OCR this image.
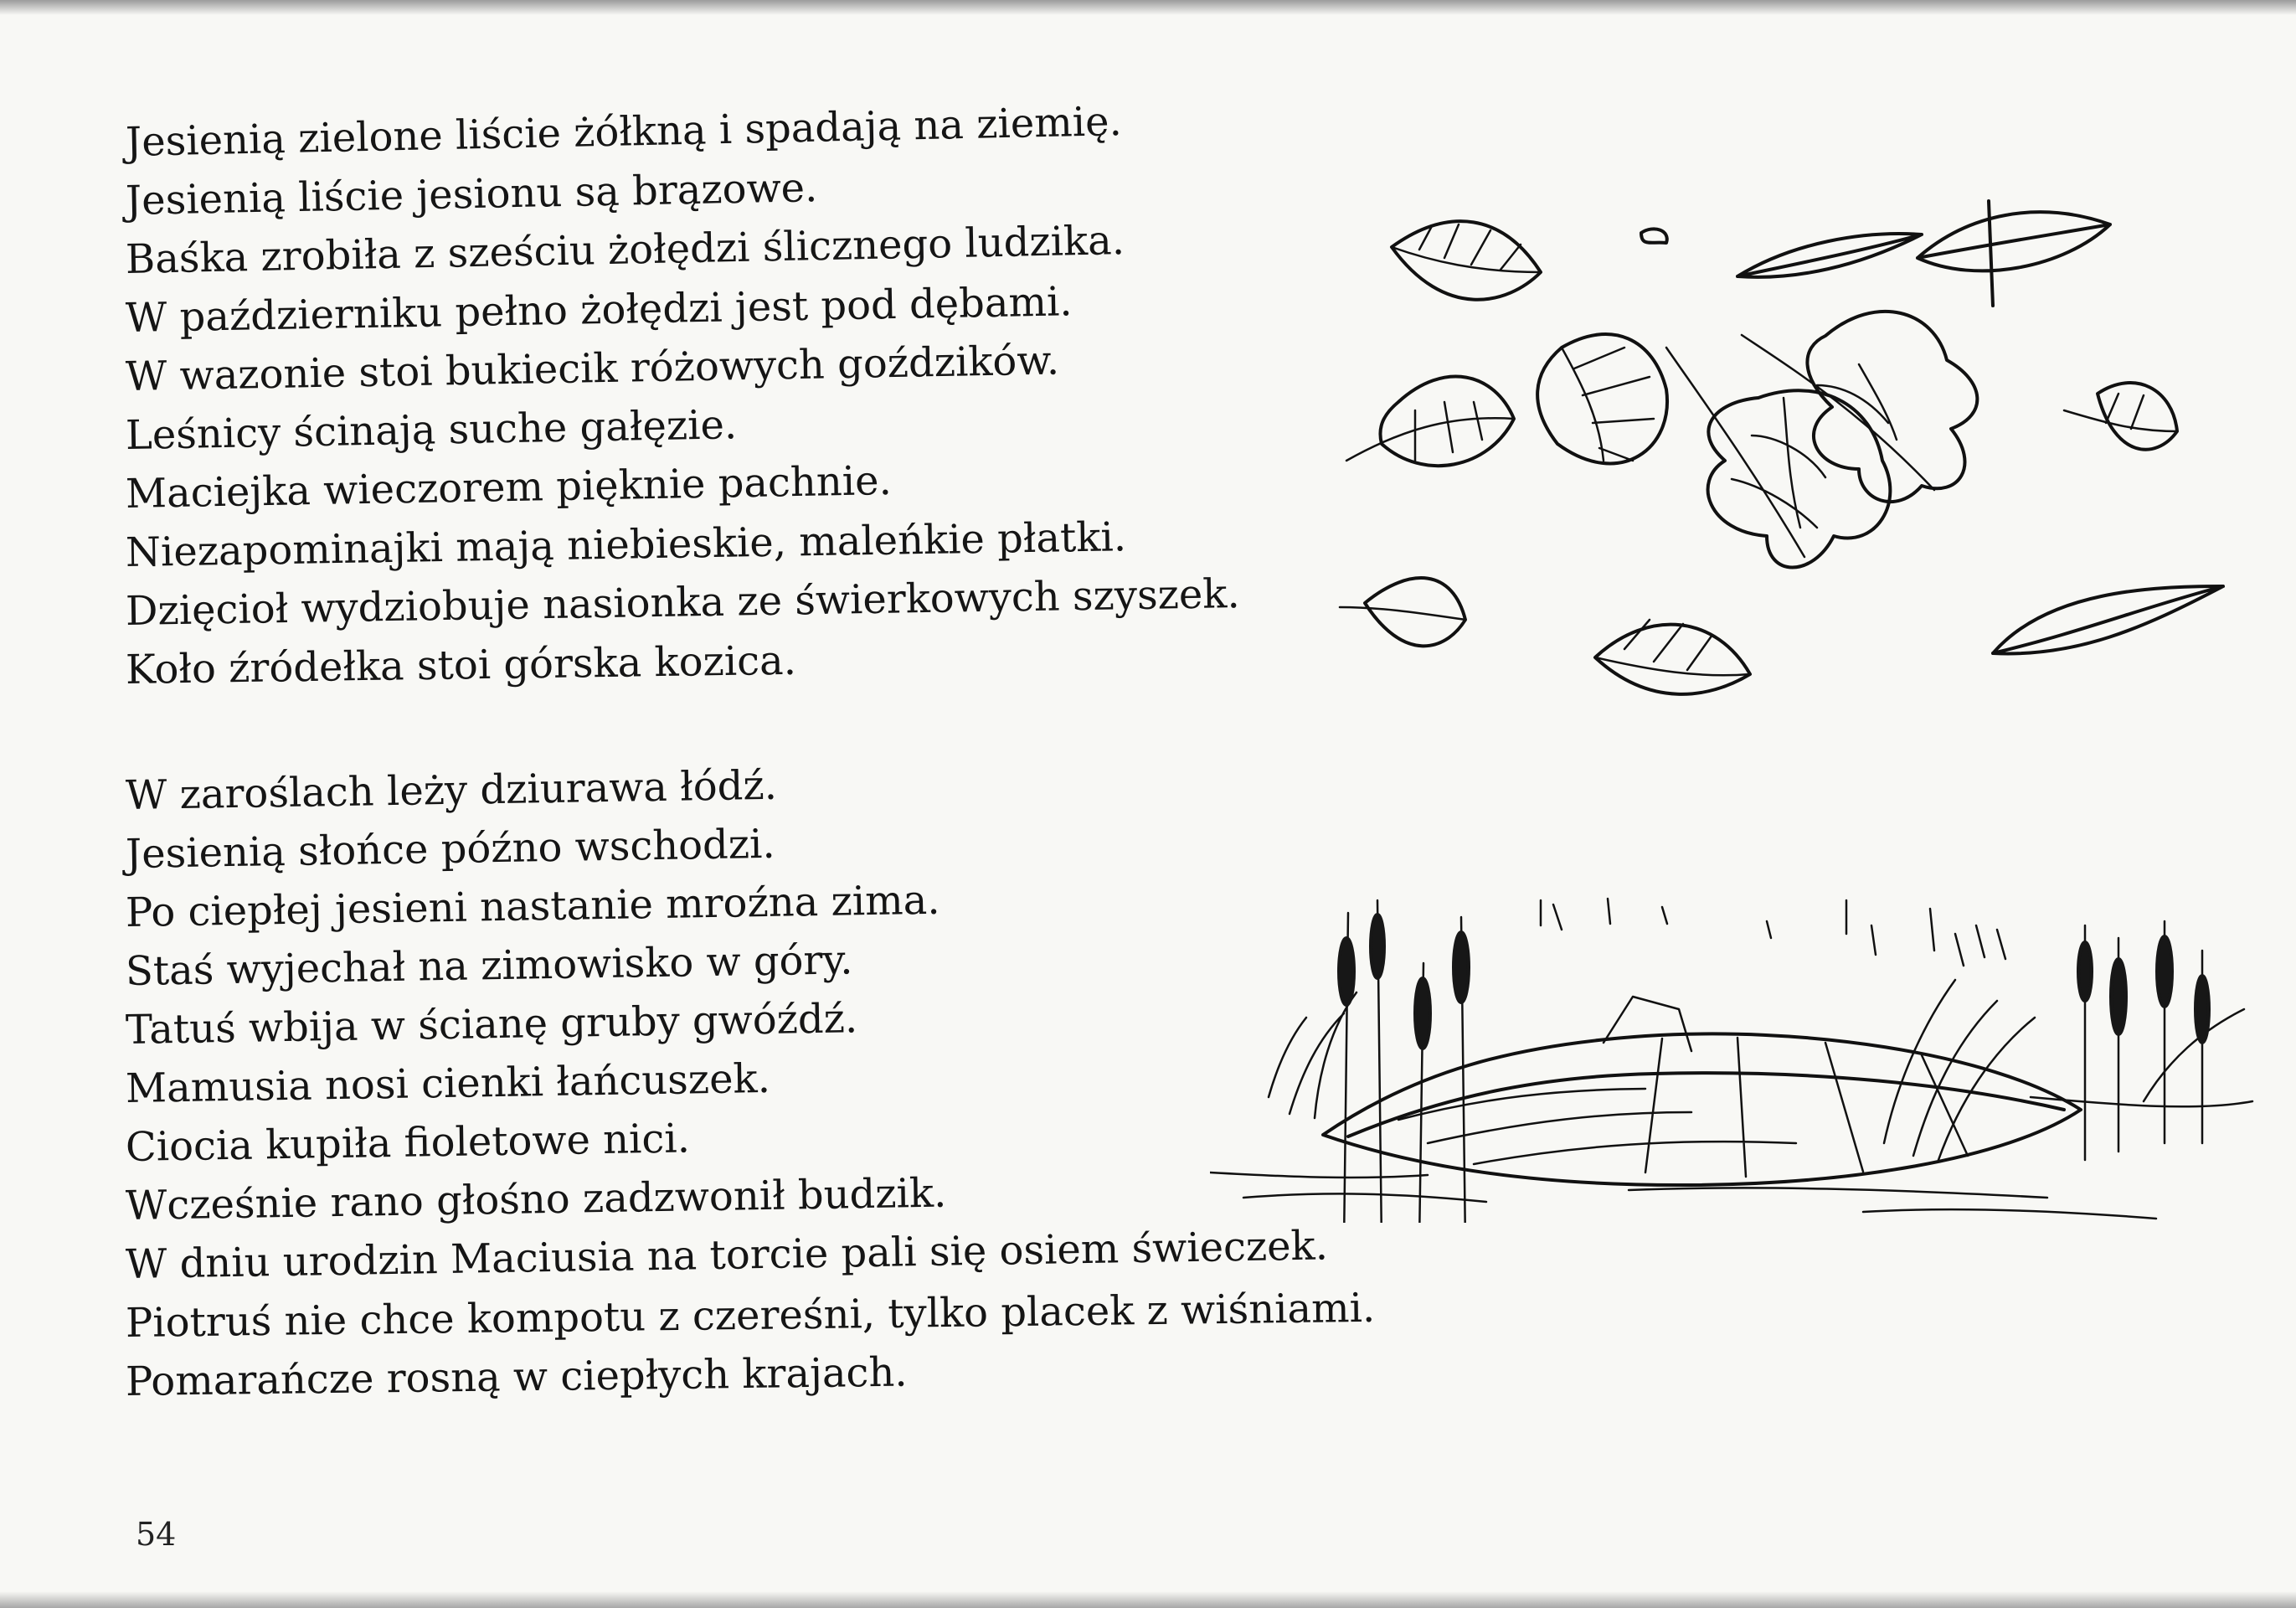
Jesienią zielone liście żółkną i spadają na ziemię.
Jesienią liście jesionu są brązowe.
Baśka zrobiła z sześciu żołędzi ślicznego ludzika.
W październiku pełno żołędzi jest pod dębami.
W wazonie stoi bukiecik różowych goździków.
Leśnicy ścinają suche gałęzie.
Maciejka wieczorem pięknie pachnie.
Niezapominajki mają niebieskie, maleńkie płatki.
Dzięcioł wydziobuje nasionka ze świerkowych szyszek.
Koło źródełka stoi górska kozica.
W zaroślach leży dziurawa łódź.
Jesienią słońce późno wschodzi.
Po ciepłej jesieni nastanie mroźna zima.
Staś wyjechał na zimowisko w góry.
Tatuś wbija w ścianę gruby gwóźdź.
Mamusia nosi cienki łańcuszek.
Ciocia kupiła fioletowe nici.
Wcześnie rano głośno zadzwonił budzik.
W dniu urodzin Maciusia na torcie pali się osiem świeczek.
Piotruś nie chce kompotu z czereśni, tylko placek z wiśniami.
Pomarańcze rosną w ciepłych krajach.
54
